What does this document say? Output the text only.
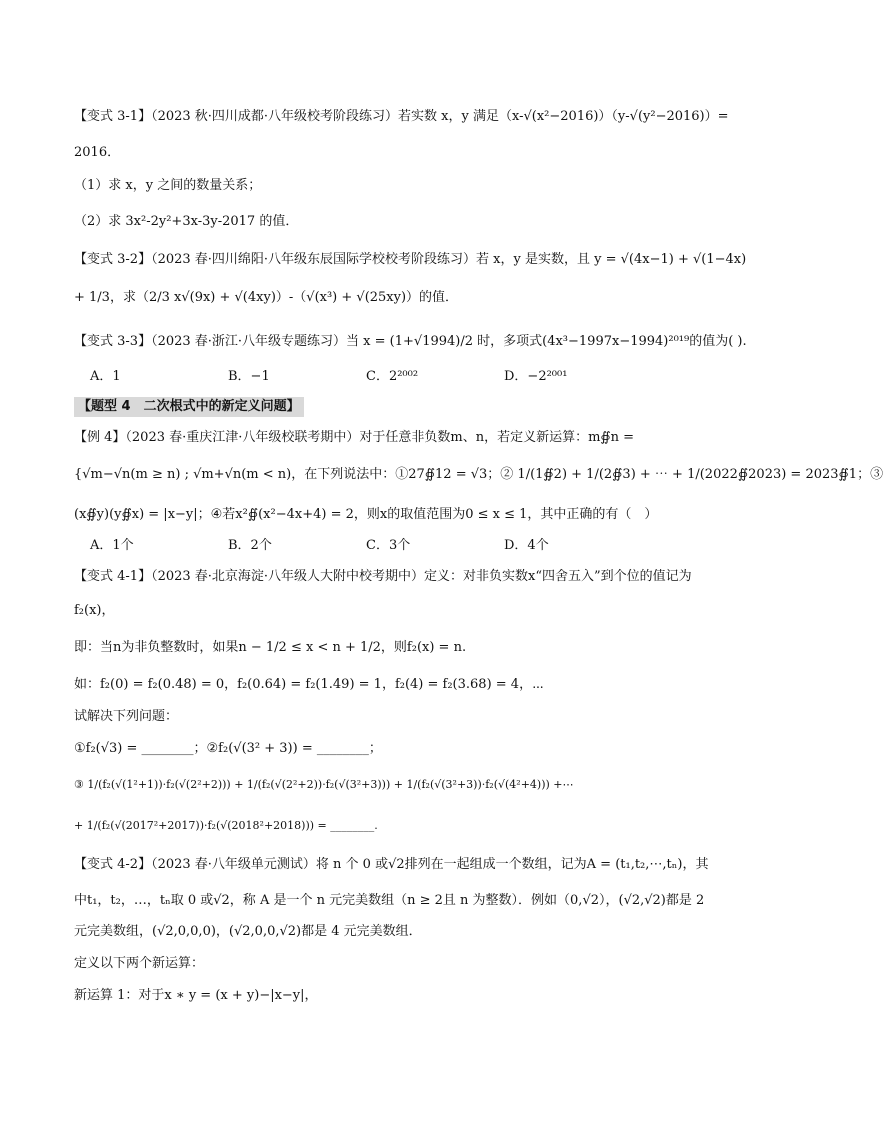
【变式 3-1】（2023 秋·四川成都·八年级校考阶段练习）若实数 x，y 满足（x-√(x²−2016)）（y-√(y²−2016)）=
2016．
（1）求 x，y 之间的数量关系；
（2）求 3x²-2y²+3x-3y-2017 的值．
【变式 3-2】（2023 春·四川绵阳·八年级东辰国际学校校考阶段练习）若 x，y 是实数，且 y = √(4x−1) + √(1−4x)
+ 1/3，求（2/3 x√(9x) + √(4xy)）-（√(x³) + √(25xy)）的值．
【变式 3-3】（2023 春·浙江·八年级专题练习）当 x = (1+√1994)/2 时，多项式(4x³−1997x−1994)²⁰¹⁹的值为( ).
A．1	B．−1	C．2²⁰⁰²	D．−2²⁰⁰¹
【题型 4　二次根式中的新定义问题】
【例 4】（2023 春·重庆江津·八年级校联考期中）对于任意非负数m、n，若定义新运算：m∯n =
{√m−√n(m ≥ n) ; √m+√n(m < n)，在下列说法中：①27∯12 = √3；② 1/(1∯2) + 1/(2∯3) + ⋯ + 1/(2022∯2023) = 2023∯1；③
(x∯y)(y∯x) = |x−y|；④若x²∯(x²−4x+4) = 2，则x的取值范围为0 ≤ x ≤ 1，其中正确的有（　）
A．1个	B．2个	C．3个	D．4个
【变式 4-1】（2023 春·北京海淀·八年级人大附中校考期中）定义：对非负实数x“四舍五入”到个位的值记为
f₂(x)，
即：当n为非负整数时，如果n − 1/2 ≤ x < n + 1/2，则f₂(x) = n.
如：f₂(0) = f₂(0.48) = 0，f₂(0.64) = f₂(1.49) = 1，f₂(4) = f₂(3.68) = 4，⋯
试解决下列问题：
①f₂(√3) = ________；②f₂(√(3² + 3)) = ________；
③ 1/(f₂(√(1²+1))·f₂(√(2²+2))) + 1/(f₂(√(2²+2))·f₂(√(3²+3))) + 1/(f₂(√(3²+3))·f₂(√(4²+4))) +⋯
+ 1/(f₂(√(2017²+2017))·f₂(√(2018²+2018))) = ________.
【变式 4-2】（2023 春·八年级单元测试）将 n 个 0 或√2排列在一起组成一个数组，记为A = (t₁,t₂,⋯,tₙ)，其
中t₁，t₂，…，tₙ取 0 或√2，称 A 是一个 n 元完美数组（n ≥ 2且 n 为整数）．例如（0,√2），(√2,√2)都是 2
元完美数组，(√2,0,0,0)，(√2,0,0,√2)都是 4 元完美数组．
定义以下两个新运算：
新运算 1：对于x ∗ y = (x + y)−|x−y|，
